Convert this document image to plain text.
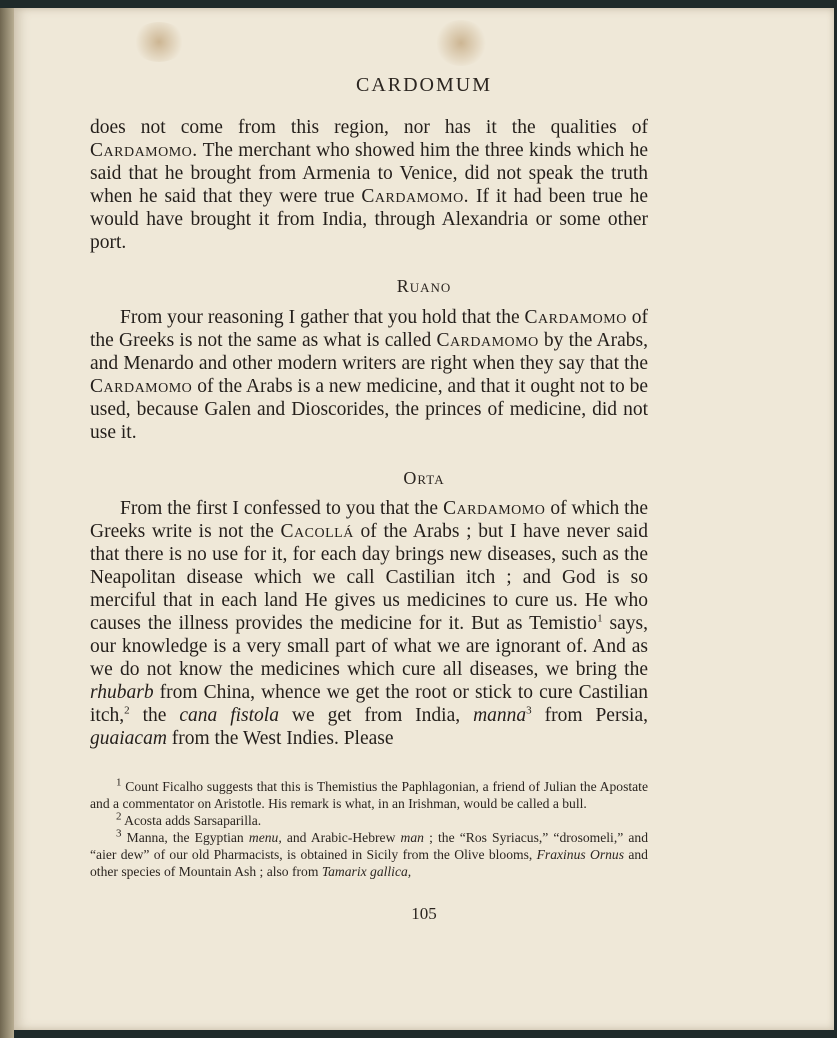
CARDOMUM
does not come from this region, nor has it the qualities of Cardamomo. The merchant who showed him the three kinds which he said that he brought from Armenia to Venice, did not speak the truth when he said that they were true Cardamomo. If it had been true he would have brought it from India, through Alexandria or some other port.
Ruano
From your reasoning I gather that you hold that the Cardamomo of the Greeks is not the same as what is called Cardamomo by the Arabs, and Menardo and other modern writers are right when they say that the Cardamomo of the Arabs is a new medicine, and that it ought not to be used, because Galen and Dioscorides, the princes of medicine, did not use it.
Orta
From the first I confessed to you that the Cardamomo of which the Greeks write is not the Cacollá of the Arabs ; but I have never said that there is no use for it, for each day brings new diseases, such as the Neapolitan disease which we call Castilian itch ; and God is so merciful that in each land He gives us medicines to cure us. He who causes the illness provides the medicine for it. But as Temistio$^1$ says, our knowledge is a very small part of what we are ignorant of. And as we do not know the medicines which cure all diseases, we bring the rhubarb from China, whence we get the root or stick to cure Castilian itch,$^2$ the cana fistola we get from India, manna$^3$ from Persia, guaiacam from the West Indies. Please

$^1$ Count Ficalho suggests that this is Themistius the Paphlagonian, a friend of Julian the Apostate and a commentator on Aristotle. His remark is what, in an Irishman, would be called a bull.

$^2$ Acosta adds Sarsaparilla.

$^3$ Manna, the Egyptian menu, and Arabic-Hebrew man ; the “Ros Syriacus,” “drosomeli,” and “aier dew” of our old Pharmacists, is obtained in Sicily from the Olive blooms, Fraxinus Ornus and other species of Mountain Ash ; also from Tamarix gallica,

105
